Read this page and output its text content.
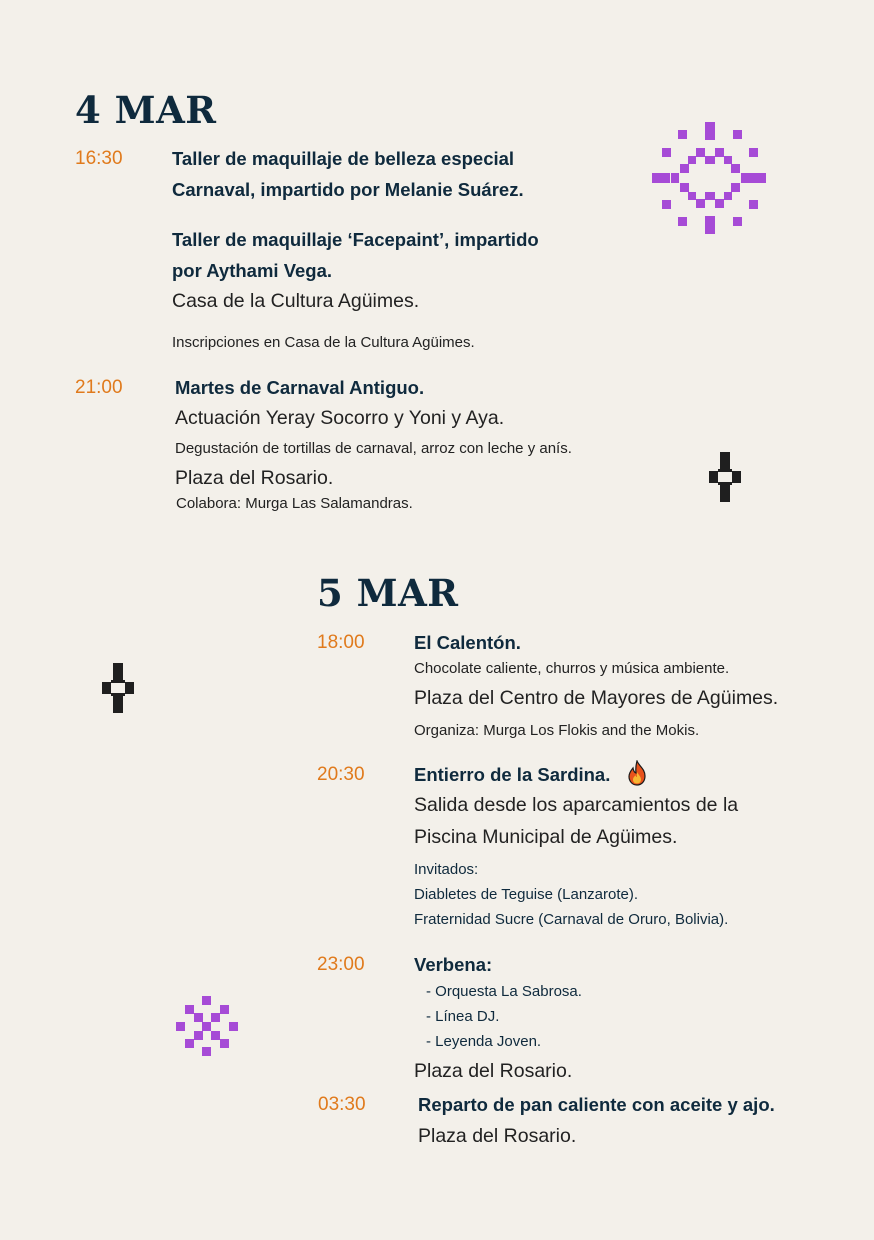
4 MAR
16:30	Taller de maquillaje de belleza especial
Carnaval, impartido por Melanie Suárez.
Taller de maquillaje ‘Facepaint’, impartido
por Aythami Vega.
Casa de la Cultura Agüimes.
Inscripciones en Casa de la Cultura Agüimes.
21:00	Martes de Carnaval Antiguo.
Actuación Yeray Socorro y Yoni y Aya.
Degustación de tortillas de carnaval, arroz con leche y anís.
Plaza del Rosario.
Colabora: Murga Las Salamandras.
5 MAR
18:00	El Calentón.
Chocolate caliente, churros y música ambiente.
Plaza del Centro de Mayores de Agüimes.
Organiza: Murga Los Flokis and the Mokis.
20:30	Entierro de la Sardina.
Salida desde los aparcamientos de la
Piscina Municipal de Agüimes.
Invitados:
Diabletes de Teguise (Lanzarote).
Fraternidad Sucre (Carnaval de Oruro, Bolivia).
23:00	Verbena:
- Orquesta La Sabrosa.
- Línea DJ.
- Leyenda Joven.
Plaza del Rosario.
03:30	Reparto de pan caliente con aceite y ajo.
Plaza del Rosario.
